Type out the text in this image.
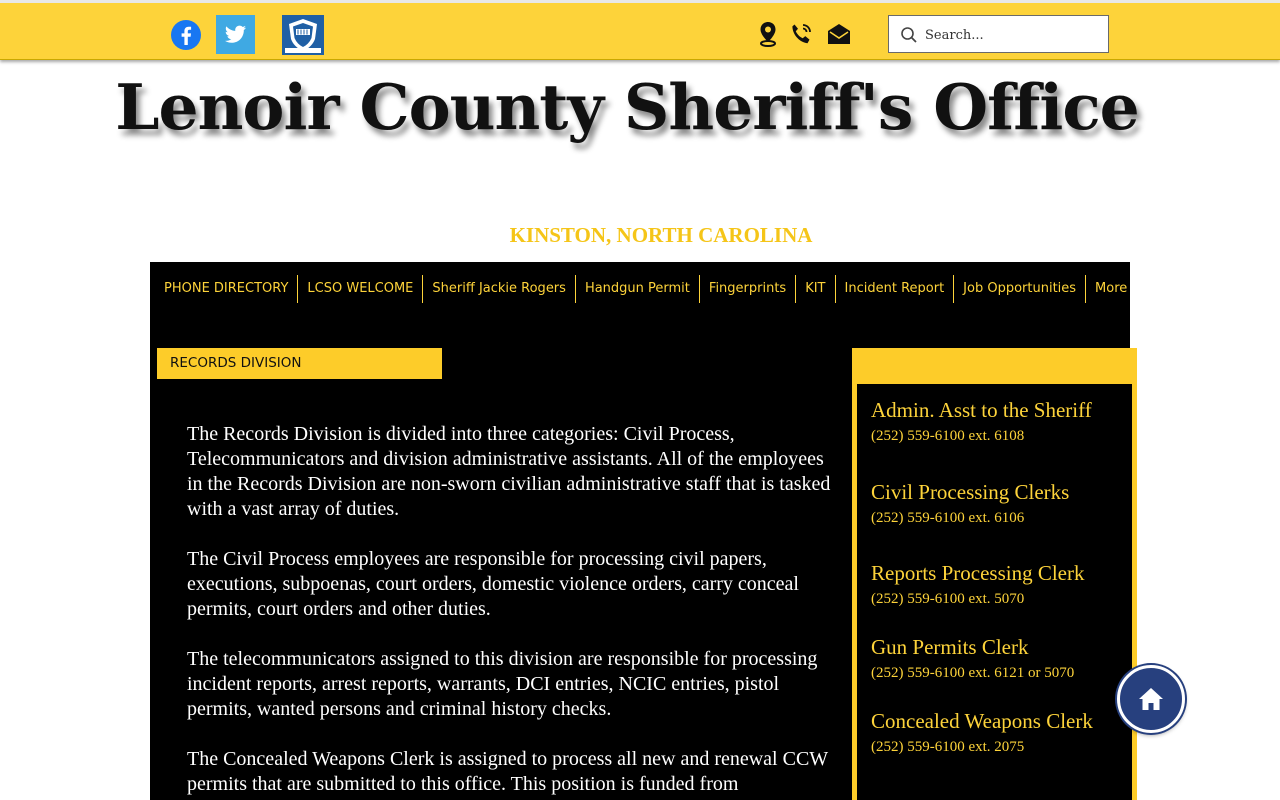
Search...
Lenoir County Sheriff's Office
KINSTON, NORTH CAROLINA
PHONE DIRECTORY	LCSO WELCOME	Sheriff Jackie Rogers	Handgun Permit	Fingerprints	KIT	Incident Report	Job Opportunities	More
RECORDS DIVISION

The Records Division is divided into three categories: Civil Process, Telecommunicators and division administrative assistants. All of the employees in the Records Division are non-sworn civilian administrative staff that is tasked with a vast array of duties.

The Civil Process employees are responsible for processing civil papers, executions, subpoenas, court orders, domestic violence orders, carry conceal permits, court orders and other duties.

The telecommunicators assigned to this division are responsible for processing incident reports, arrest reports, warrants, DCI entries, NCIC entries, pistol permits, wanted persons and criminal history checks.

The Concealed Weapons Clerk is assigned to process all new and renewal CCW permits that are submitted to this office. This position is funded from

Admin. Asst to the Sheriff
(252) 559-6100 ext. 6108
Civil Processing Clerks
(252) 559-6100 ext. 6106
Reports Processing Clerk
(252) 559-6100 ext. 5070
Gun Permits Clerk
(252) 559-6100 ext. 6121 or 5070
Concealed Weapons Clerk
(252) 559-6100 ext. 2075
